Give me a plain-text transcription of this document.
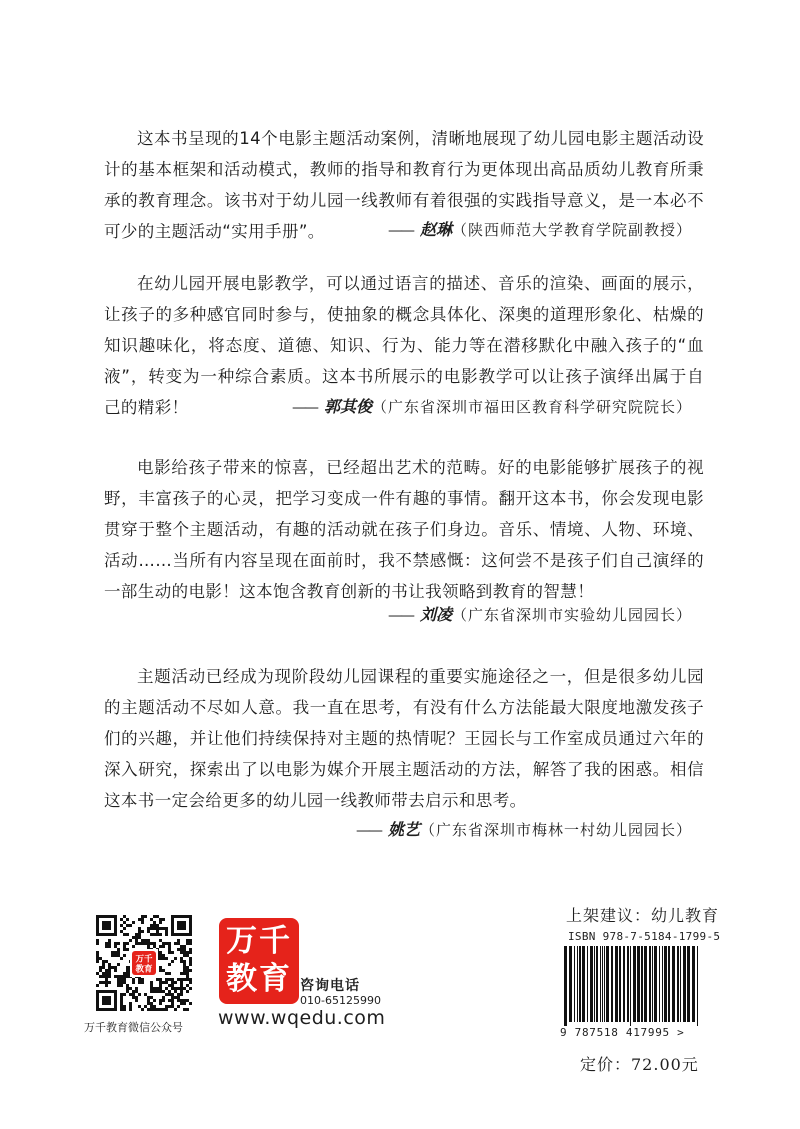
这本书呈现的14个电影主题活动案例，清晰地展现了幼儿园电影主题活动设计的基本框架和活动模式，教师的指导和教育行为更体现出高品质幼儿教育所秉承的教育理念。该书对于幼儿园一线教师有着很强的实践指导意义，是一本必不可少的主题活动“实用手册”。	—— 赵琳（陕西师范大学教育学院副教授）

在幼儿园开展电影教学，可以通过语言的描述、音乐的渲染、画面的展示，让孩子的多种感官同时参与，使抽象的概念具体化、深奥的道理形象化、枯燥的知识趣味化，将态度、道德、知识、行为、能力等在潜移默化中融入孩子的“血液”，转变为一种综合素质。这本书所展示的电影教学可以让孩子演绎出属于自己的精彩！	—— 郭其俊（广东省深圳市福田区教育科学研究院院长）

电影给孩子带来的惊喜，已经超出艺术的范畴。好的电影能够扩展孩子的视野，丰富孩子的心灵，把学习变成一件有趣的事情。翻开这本书，你会发现电影贯穿于整个主题活动，有趣的活动就在孩子们身边。音乐、情境、人物、环境、活动……当所有内容呈现在面前时，我不禁感慨：这何尝不是孩子们自己演绎的一部生动的电影！这本饱含教育创新的书让我领略到教育的智慧！

—— 刘凌（广东省深圳市实验幼儿园园长）

主题活动已经成为现阶段幼儿园课程的重要实施途径之一，但是很多幼儿园的主题活动不尽如人意。我一直在思考，有没有什么方法能最大限度地激发孩子们的兴趣，并让他们持续保持对主题的热情呢？王园长与工作室成员通过六年的深入研究，探索出了以电影为媒介开展主题活动的方法，解答了我的困惑。相信这本书一定会给更多的幼儿园一线教师带去启示和思考。

—— 姚艺（广东省深圳市梅林一村幼儿园园长）
万千
教育
万千教育微信公众号
万千
教育 咨询电话
010-65125990
www.wqedu.com
上架建议：幼儿教育
ISBN 978-7-5184-1799-5
9 787518 417995 >
定价：72.00元
